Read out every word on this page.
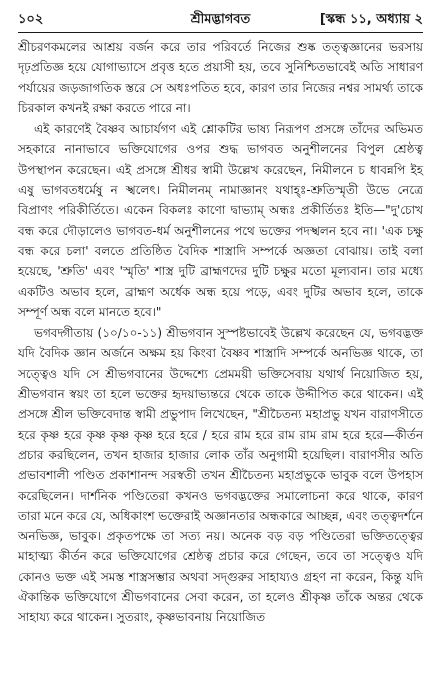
১০২	শ্রীমদ্ভাগবত	[স্কন্ধ ১১, অধ্যায় ২

শ্রীচরণকমলের আশ্রয় বর্জন করে তার পরিবর্তে নিজের শুষ্ক তত্ত্বজ্ঞানের ভরসায় দৃঢ়প্রতিজ্ঞ হয়ে যোগাভ্যাসে প্রবৃত্ত হতে প্রয়াসী হয়, তবে সুনিশ্চিতভাবেই অতি সাধারণ পর্যায়ের জড়জাগতিক স্তরে সে অধঃপতিত হবে, কারণ তার নিজের নশ্বর সামর্থ্য তাকে চিরকাল কখনই রক্ষা করতে পারে না।

এই কারণেই বৈষ্ণব আচার্যগণ এই শ্লোকটির ভাষ্য নিরূপণ প্রসঙ্গে তাঁদের অভিমত সহকারে নানাভাবে ভক্তিযোগের ওপর শুদ্ধ ভাগবত অনুশীলনের বিপুল শ্রেষ্ঠত্ব উপস্থাপন করেছেন। এই প্রসঙ্গে শ্রীধর স্বামী উল্লেখ করেছেন, নিমীলনে চ ধাবন্নপি ইহ এষু ভাগবতধর্মেষু ন স্খলেৎ। নিমীলনম্ নামাজ্ঞানং যথাহ্ঃ-শ্রুতিস্মৃতী উভে নেত্রে বিপ্রাণং পরিকীর্তিতে। একেন বিকলঃ কাণো দ্বাভ্যাম্ অন্ধঃ প্রকীর্তিতঃ ইতি—"দু'চোখ বন্ধ করে দৌড়ালেও ভাগবত-ধর্ম অনুশীলনের পথে ভক্তের পদস্খলন হবে না। 'এক চক্ষু বন্ধ করে চলা' বলতে প্রতিষ্ঠিত বৈদিক শাস্ত্রাদি সম্পর্কে অজ্ঞতা বোঝায়। তাই বলা হয়েছে, 'শ্রুতি' এবং 'স্মৃতি' শাস্ত্র দুটি ব্রাহ্মণদের দুটি চক্ষুর মতো মূল্যবান। তার মধ্যে একটিও অভাব হলে, ব্রাহ্মণ অর্ধেক অন্ধ হয়ে পড়ে, এবং দুটির অভাব হলে, তাকে সম্পূর্ণ অন্ধ বলে মানতে হবে।"

ভগবদ্গীতায় (১০/১০-১১) শ্রীভগবান সুস্পষ্টভাবেই উল্লেখ করেছেন যে, ভগবদ্ভক্ত যদি বৈদিক জ্ঞান অর্জনে অক্ষম হয় কিংবা বৈষ্ণব শাস্ত্রাদি সম্পর্কে অনভিজ্ঞ থাকে, তা সত্ত্বেও যদি সে শ্রীভগবানের উদ্দেশ্যে প্রেমময়ী ভক্তিসেবায় যথার্থ নিয়োজিত হয়, শ্রীভগবান স্বয়ং তা হলে ভক্তের হৃদয়াভ্যন্তরে থেকে তাকে উদ্দীপিত করে থাকেন। এই প্রসঙ্গে শ্রীল ভক্তিবেদান্ত স্বামী প্রভুপাদ লিখেছেন, "শ্রীচৈতন্য মহাপ্রভু যখন বারাণসীতে হরে কৃষ্ণ হরে কৃষ্ণ কৃষ্ণ কৃষ্ণ হরে হরে / হরে রাম হরে রাম রাম রাম হরে হরে—কীর্তন প্রচার করছিলেন, তখন হাজার হাজার লোক তাঁর অনুগামী হয়েছিল। বারাণসীর অতি প্রভাবশালী পণ্ডিত প্রকাশানন্দ সরস্বতী তখন শ্রীচৈতন্য মহাপ্রভুকে ভাবুক বলে উপহাস করেছিলেন। দার্শনিক পণ্ডিতেরা কখনও ভগবদ্ভক্তের সমালোচনা করে থাকে, কারণ তারা মনে করে যে, অধিকাংশ ভক্তেরাই অজ্ঞানতার অন্ধকারে আচ্ছন্ন, এবং তত্ত্বদর্শনে অনভিজ্ঞ, ভাবুক। প্রকৃতপক্ষে তা সত্য নয়। অনেক বড় বড় পণ্ডিতেরা ভক্তিতত্ত্বের মাহাত্ম্য কীর্তন করে ভক্তিযোগের শ্রেষ্ঠত্ব প্রচার করে গেছেন, তবে তা সত্ত্বেও যদি কোনও ভক্ত এই সমস্ত শাস্ত্রসম্ভার অথবা সদ্গুরুর সাহায্যও গ্রহণ না করেন, কিন্তু যদি ঐকান্তিক ভক্তিযোগে শ্রীভগবানের সেবা করেন, তা হলেও শ্রীকৃষ্ণ তাঁকে অন্তর থেকে সাহায্য করে থাকেন। সুতরাং, কৃষ্ণভাবনায় নিয়োজিত
